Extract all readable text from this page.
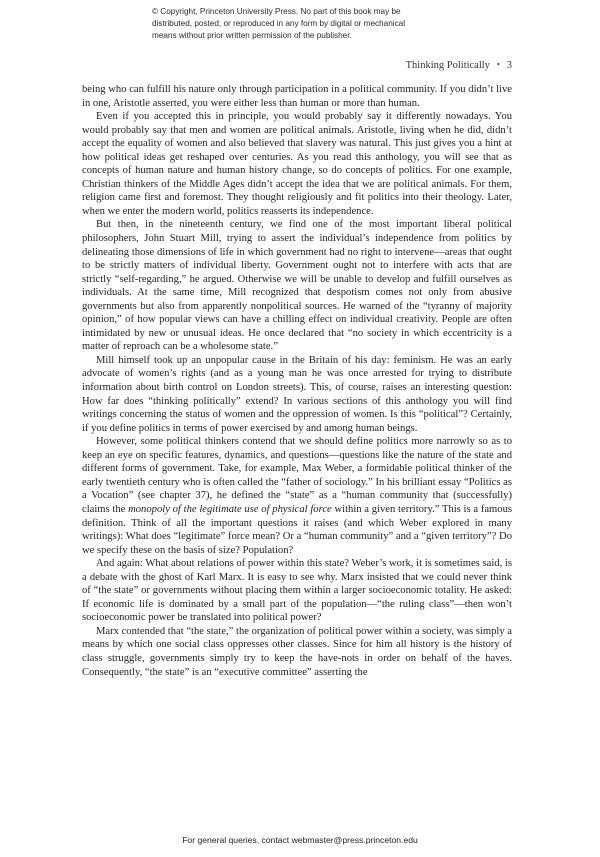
© Copyright, Princeton University Press. No part of this book may be
distributed, posted, or reproduced in any form by digital or mechanical
means without prior written permission of the publisher.
Thinking Politically • 3

being who can fulfill his nature only through participation in a political community. If you didn’t live in one, Aristotle asserted, you were either less than human or more than human.

Even if you accepted this in principle, you would probably say it differently nowadays. You would probably say that men and women are political animals. Aristotle, living when he did, didn’t accept the equality of women and also believed that slavery was natural. This just gives you a hint at how political ideas get reshaped over centuries. As you read this anthology, you will see that as concepts of human nature and human history change, so do concepts of politics. For one example, Christian thinkers of the Middle Ages didn’t accept the idea that we are political animals. For them, religion came first and foremost. They thought religiously and fit politics into their theology. Later, when we enter the modern world, politics reasserts its independence.

But then, in the nineteenth century, we find one of the most important liberal political philosophers, John Stuart Mill, trying to assert the individual’s independence from politics by delineating those dimensions of life in which government had no right to intervene—areas that ought to be strictly matters of individual liberty. Government ought not to interfere with acts that are strictly “self-regarding,” he argued. Otherwise we will be unable to develop and fulfill ourselves as individuals. At the same time, Mill recognized that despotism comes not only from abusive governments but also from apparently nonpolitical sources. He warned of the “tyranny of majority opinion,” of how popular views can have a chilling effect on individual creativity. People are often intimidated by new or unusual ideas. He once declared that “no society in which eccentricity is a matter of reproach can be a wholesome state.”

Mill himself took up an unpopular cause in the Britain of his day: feminism. He was an early advocate of women’s rights (and as a young man he was once arrested for trying to distribute information about birth control on London streets). This, of course, raises an interesting question: How far does “thinking politically” extend? In various sections of this anthology you will find writings concerning the status of women and the oppression of women. Is this “political”? Certainly, if you define politics in terms of power exercised by and among human beings.

However, some political thinkers contend that we should define politics more narrowly so as to keep an eye on specific features, dynamics, and questions—questions like the nature of the state and different forms of government. Take, for example, Max Weber, a formidable political thinker of the early twentieth century who is often called the “father of sociology.” In his brilliant essay “Politics as a Vocation” (see chapter 37), he defined the “state” as a “human community that (successfully) claims the monopoly of the legitimate use of physical force within a given territory.” This is a famous definition. Think of all the important questions it raises (and which Weber explored in many writings): What does “legitimate” force mean? Or a “human community” and a “given territory”? Do we specify these on the basis of size? Population?

And again: What about relations of power within this state? Weber’s work, it is sometimes said, is a debate with the ghost of Karl Marx. It is easy to see why. Marx insisted that we could never think of “the state” or governments without placing them within a larger socioeconomic totality. He asked: If economic life is dominated by a small part of the population—“the ruling class”—then won’t socioeconomic power be translated into political power?

Marx contended that “the state,” the organization of political power within a society, was simply a means by which one social class oppresses other classes. Since for him all history is the history of class struggle, governments simply try to keep the have-nots in order on behalf of the haves. Consequently, “the state” is an “executive committee” asserting the

For general queries, contact webmaster@press.princeton.edu
